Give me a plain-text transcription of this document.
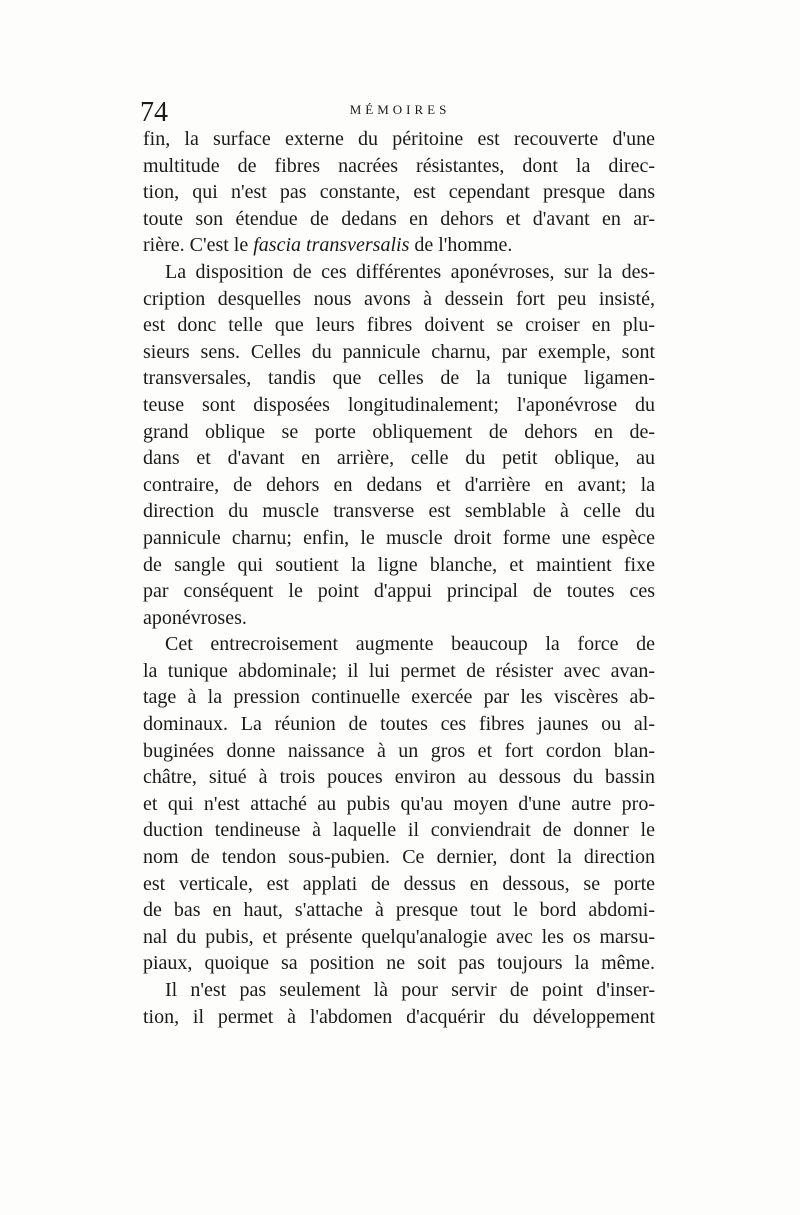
74	MÉMOIRES
fin, la surface externe du péritoine est recouverte d'une
multitude de fibres nacrées résistantes, dont la direc-
tion, qui n'est pas constante, est cependant presque dans
toute son étendue de dedans en dehors et d'avant en ar-
rière. C'est le fascia transversalis de l'homme.
La disposition de ces différentes aponévroses, sur la des-
cription desquelles nous avons à dessein fort peu insisté,
est donc telle que leurs fibres doivent se croiser en plu-
sieurs sens. Celles du pannicule charnu, par exemple, sont
transversales, tandis que celles de la tunique ligamen-
teuse sont disposées longitudinalement; l'aponévrose du
grand oblique se porte obliquement de dehors en de-
dans et d'avant en arrière, celle du petit oblique, au
contraire, de dehors en dedans et d'arrière en avant; la
direction du muscle transverse est semblable à celle du
pannicule charnu; enfin, le muscle droit forme une espèce
de sangle qui soutient la ligne blanche, et maintient fixe
par conséquent le point d'appui principal de toutes ces
aponévroses.
Cet entrecroisement augmente beaucoup la force de
la tunique abdominale; il lui permet de résister avec avan-
tage à la pression continuelle exercée par les viscères ab-
dominaux. La réunion de toutes ces fibres jaunes ou al-
buginées donne naissance à un gros et fort cordon blan-
châtre, situé à trois pouces environ au dessous du bassin
et qui n'est attaché au pubis qu'au moyen d'une autre pro-
duction tendineuse à laquelle il conviendrait de donner le
nom de tendon sous-pubien. Ce dernier, dont la direction
est verticale, est applati de dessus en dessous, se porte
de bas en haut, s'attache à presque tout le bord abdomi-
nal du pubis, et présente quelqu'analogie avec les os marsu-
piaux, quoique sa position ne soit pas toujours la même.
Il n'est pas seulement là pour servir de point d'inser-
tion, il permet à l'abdomen d'acquérir du développement
